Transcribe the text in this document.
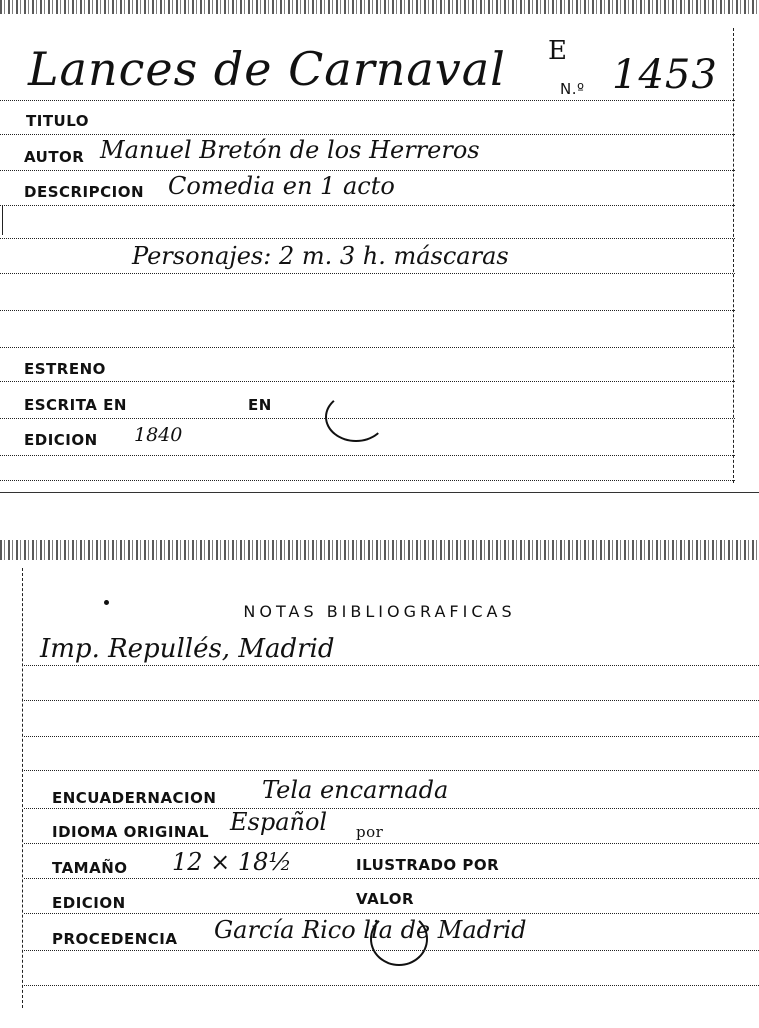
Lances de Carnaval E
N.º 1453
TITULO
AUTOR Manuel Bretón de los Herreros
DESCRIPCION Comedia en 1 acto
Personajes: 2 m. 3 h. máscaras
ESTRENO
ESCRITA EN	EN
EDICION 1840
NOTAS BIBLIOGRAFICAS
Imp. Repullés, Madrid
ENCUADERNACION Tela encarnada
IDIOMA ORIGINAL Español por
TAMAÑO 12 × 18½	ILUSTRADO POR
EDICION	VALOR
PROCEDENCIA García Rico lia de Madrid
